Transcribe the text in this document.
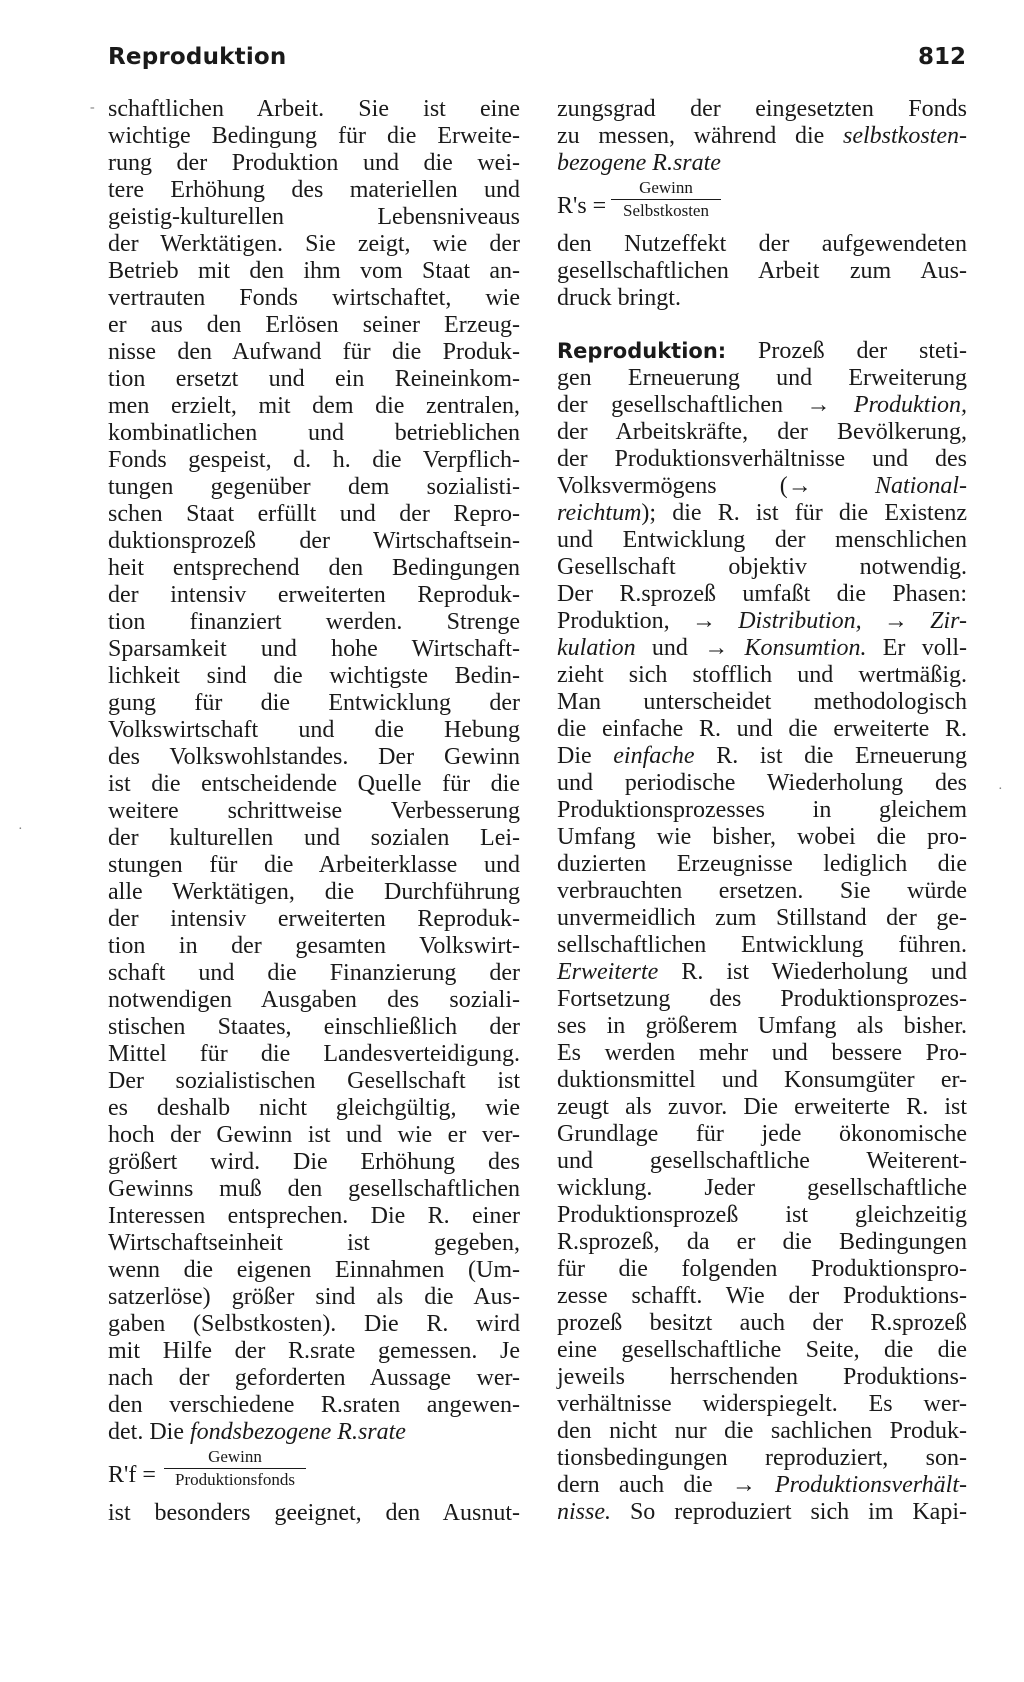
Reproduktion	812
-
·
·
schaftlichen Arbeit. Sie ist eine
wichtige Bedingung für die Erweite-
rung der Produktion und die wei-
tere Erhöhung des materiellen und
geistig-kulturellen Lebensniveaus
der Werktätigen. Sie zeigt, wie der
Betrieb mit den ihm vom Staat an-
vertrauten Fonds wirtschaftet, wie
er aus den Erlösen seiner Erzeug-
nisse den Aufwand für die Produk-
tion ersetzt und ein Reineinkom-
men erzielt, mit dem die zentralen,
kombinatlichen und betrieblichen
Fonds gespeist, d. h. die Verpflich-
tungen gegenüber dem sozialisti-
schen Staat erfüllt und der Repro-
duktionsprozeß der Wirtschaftsein-
heit entsprechend den Bedingungen
der intensiv erweiterten Reproduk-
tion finanziert werden. Strenge
Sparsamkeit und hohe Wirtschaft-
lichkeit sind die wichtigste Bedin-
gung für die Entwicklung der
Volkswirtschaft und die Hebung
des Volkswohlstandes. Der Gewinn
ist die entscheidende Quelle für die
weitere schrittweise Verbesserung
der kulturellen und sozialen Lei-
stungen für die Arbeiterklasse und
alle Werktätigen, die Durchführung
der intensiv erweiterten Reproduk-
tion in der gesamten Volkswirt-
schaft und die Finanzierung der
notwendigen Ausgaben des soziali-
stischen Staates, einschließlich der
Mittel für die Landesverteidigung.
Der sozialistischen Gesellschaft ist
es deshalb nicht gleichgültig, wie
hoch der Gewinn ist und wie er ver-
größert wird. Die Erhöhung des
Gewinns muß den gesellschaftlichen
Interessen entsprechen. Die R. einer
Wirtschaftseinheit ist gegeben,
wenn die eigenen Einnahmen (Um-
satzerlöse) größer sind als die Aus-
gaben (Selbstkosten). Die R. wird
mit Hilfe der R.srate gemessen. Je
nach der geforderten Aussage wer-
den verschiedene R.sraten angewen-
det. Die fondsbezogene R.srate
R'f =
Gewinn
Produktionsfonds
ist besonders geeignet, den Ausnut-
zungsgrad der eingesetzten Fonds
zu messen, während die selbstkosten-
bezogene R.srate
R's =
Gewinn
Selbstkosten
den Nutzeffekt der aufgewendeten
gesellschaftlichen Arbeit zum Aus-
druck bringt.
Reproduktion: Prozeß der steti-
gen Erneuerung und Erweiterung
der gesellschaftlichen → Produktion,
der Arbeitskräfte, der Bevölkerung,
der Produktionsverhältnisse und des
Volksvermögens (→ National-
reichtum); die R. ist für die Existenz
und Entwicklung der menschlichen
Gesellschaft objektiv notwendig.
Der R.sprozeß umfaßt die Phasen:
Produktion, → Distribution, → Zir-
kulation und → Konsumtion. Er voll-
zieht sich stofflich und wertmäßig.
Man unterscheidet methodologisch
die einfache R. und die erweiterte R.
Die einfache R. ist die Erneuerung
und periodische Wiederholung des
Produktionsprozesses in gleichem
Umfang wie bisher, wobei die pro-
duzierten Erzeugnisse lediglich die
verbrauchten ersetzen. Sie würde
unvermeidlich zum Stillstand der ge-
sellschaftlichen Entwicklung führen.
Erweiterte R. ist Wiederholung und
Fortsetzung des Produktionsprozes-
ses in größerem Umfang als bisher.
Es werden mehr und bessere Pro-
duktionsmittel und Konsumgüter er-
zeugt als zuvor. Die erweiterte R. ist
Grundlage für jede ökonomische
und gesellschaftliche Weiterent-
wicklung. Jeder gesellschaftliche
Produktionsprozeß ist gleichzeitig
R.sprozeß, da er die Bedingungen
für die folgenden Produktionspro-
zesse schafft. Wie der Produktions-
prozeß besitzt auch der R.sprozeß
eine gesellschaftliche Seite, die die
jeweils herrschenden Produktions-
verhältnisse widerspiegelt. Es wer-
den nicht nur die sachlichen Produk-
tionsbedingungen reproduziert, son-
dern auch die → Produktionsverhält-
nisse. So reproduziert sich im Kapi-
